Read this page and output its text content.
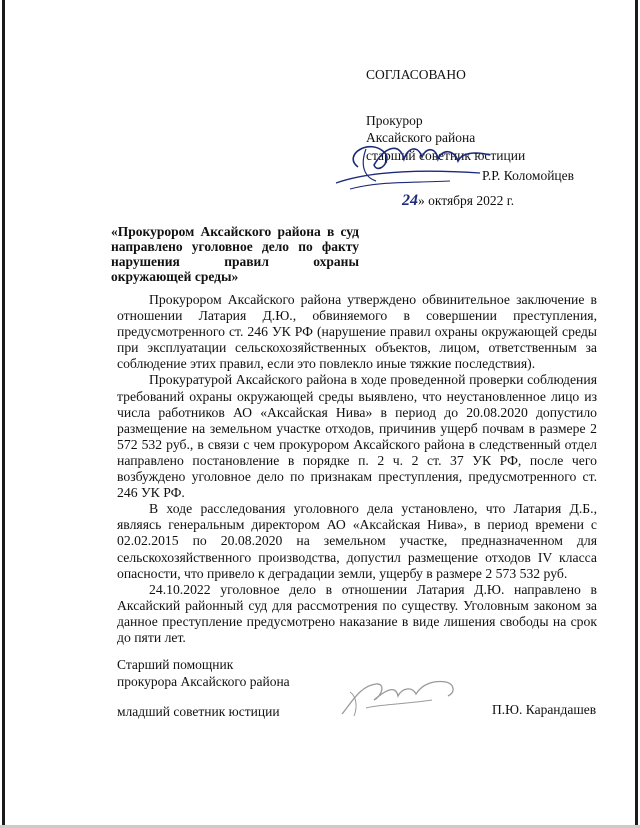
СОГЛАСОВАНО
Прокурор
Аксайского района
старший советник юстиции
Р.Р. Коломойцев
24» октября 2022 г.
«Прокурором Аксайского района в суд направлено уголовное дело по факту нарушения правил охраны окружающей среды»

Прокурором Аксайского района утверждено обвинительное заключение в отношении Латария Д.Ю., обвиняемого в совершении преступления, предусмотренного ст. 246 УК РФ (нарушение правил охраны окружающей среды при эксплуатации сельскохозяйственных объектов, лицом, ответственным за соблюдение этих правил, если это повлекло иные тяжкие последствия).

Прокуратурой Аксайского района в ходе проведенной проверки соблюдения требований охраны окружающей среды выявлено, что неустановленное лицо из числа работников АО «Аксайская Нива» в период до 20.08.2020 допустило размещение на земельном участке отходов, причинив ущерб почвам в размере 2 572 532 руб., в связи с чем прокурором Аксайского района в следственный отдел направлено постановление в порядке п. 2 ч. 2 ст. 37 УК РФ, после чего возбуждено уголовное дело по признакам преступления, предусмотренного ст. 246 УК РФ.

В ходе расследования уголовного дела установлено, что Латария Д.Б., являясь генеральным директором АО «Аксайская Нива», в период времени с 02.02.2015 по 20.08.2020 на земельном участке, предназначенном для сельскохозяйственного производства, допустил размещение отходов IV класса опасности, что привело к деградации земли, ущербу в размере 2 573 532 руб.

24.10.2022 уголовное дело в отношении Латария Д.Ю. направлено в Аксайский районный суд для рассмотрения по существу. Уголовным законом за данное преступление предусмотрено наказание в виде лишения свободы на срок до пяти лет.

Старший помощник
прокурора Аксайского района
младший советник юстиции	П.Ю. Карандашев
